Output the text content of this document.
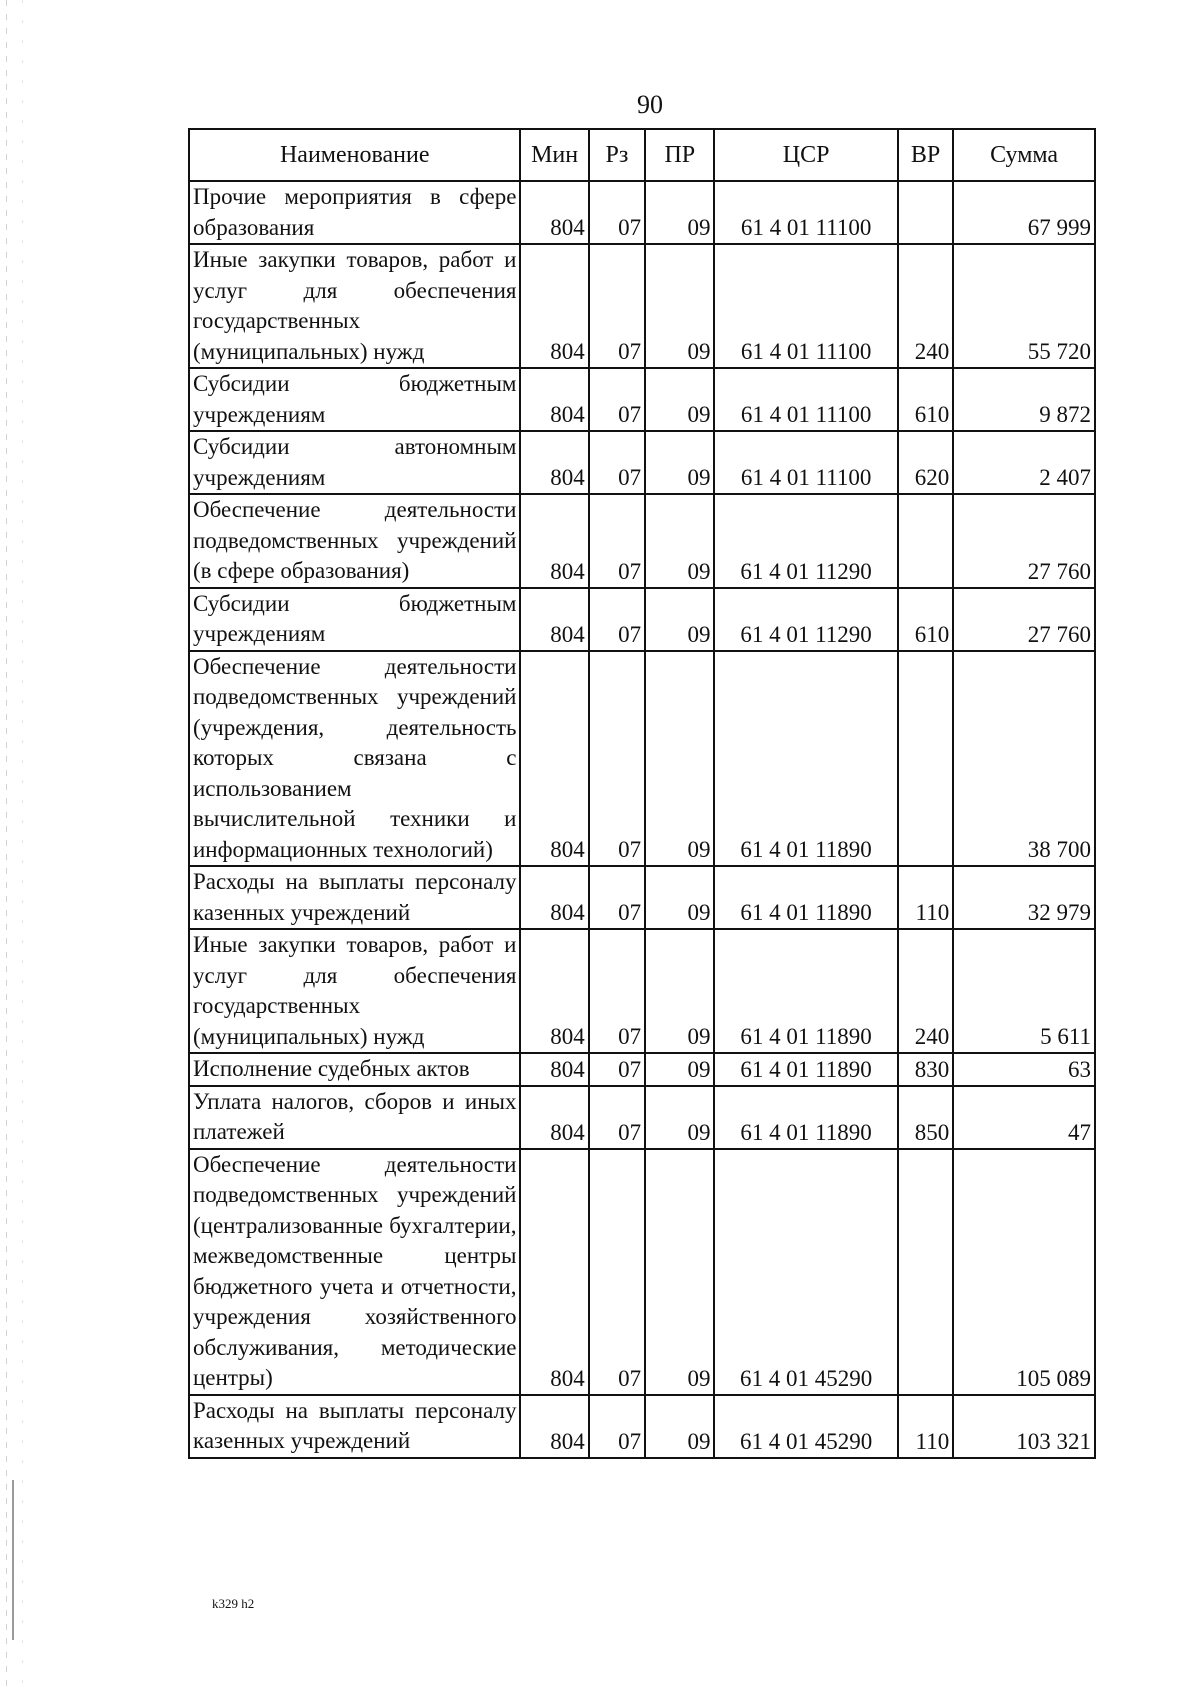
90
Наименование	Мин	Рз	ПР	ЦСР	ВР	Сумма
Прочие мероприятия в сфере образования	804	07	09	61 4 01 11100		67 999
Иные закупки товаров, работ и услуг для обеспечения государственных (муниципальных) нужд	804	07	09	61 4 01 11100	240	55 720
Субсидии бюджетным учреждениям	804	07	09	61 4 01 11100	610	9 872
Субсидии автономным учреждениям	804	07	09	61 4 01 11100	620	2 407
Обеспечение деятельности подведомственных учреждений (в сфере образования)	804	07	09	61 4 01 11290		27 760
Субсидии бюджетным учреждениям	804	07	09	61 4 01 11290	610	27 760
Обеспечение деятельности подведомственных учреждений (учреждения, деятельность которых связана с использованием вычислительной техники и информационных технологий)	804	07	09	61 4 01 11890		38 700
Расходы на выплаты персоналу казенных учреждений	804	07	09	61 4 01 11890	110	32 979
Иные закупки товаров, работ и услуг для обеспечения государственных (муниципальных) нужд	804	07	09	61 4 01 11890	240	5 611
Исполнение судебных актов	804	07	09	61 4 01 11890	830	63
Уплата налогов, сборов и иных платежей	804	07	09	61 4 01 11890	850	47
Обеспечение деятельности подведомственных учреждений (централизованные бухгалтерии, межведомственные центры бюджетного учета и отчетности, учреждения хозяйственного обслуживания, методические центры)	804	07	09	61 4 01 45290		105 089
Расходы на выплаты персоналу казенных учреждений	804	07	09	61 4 01 45290	110	103 321
k329 h2
